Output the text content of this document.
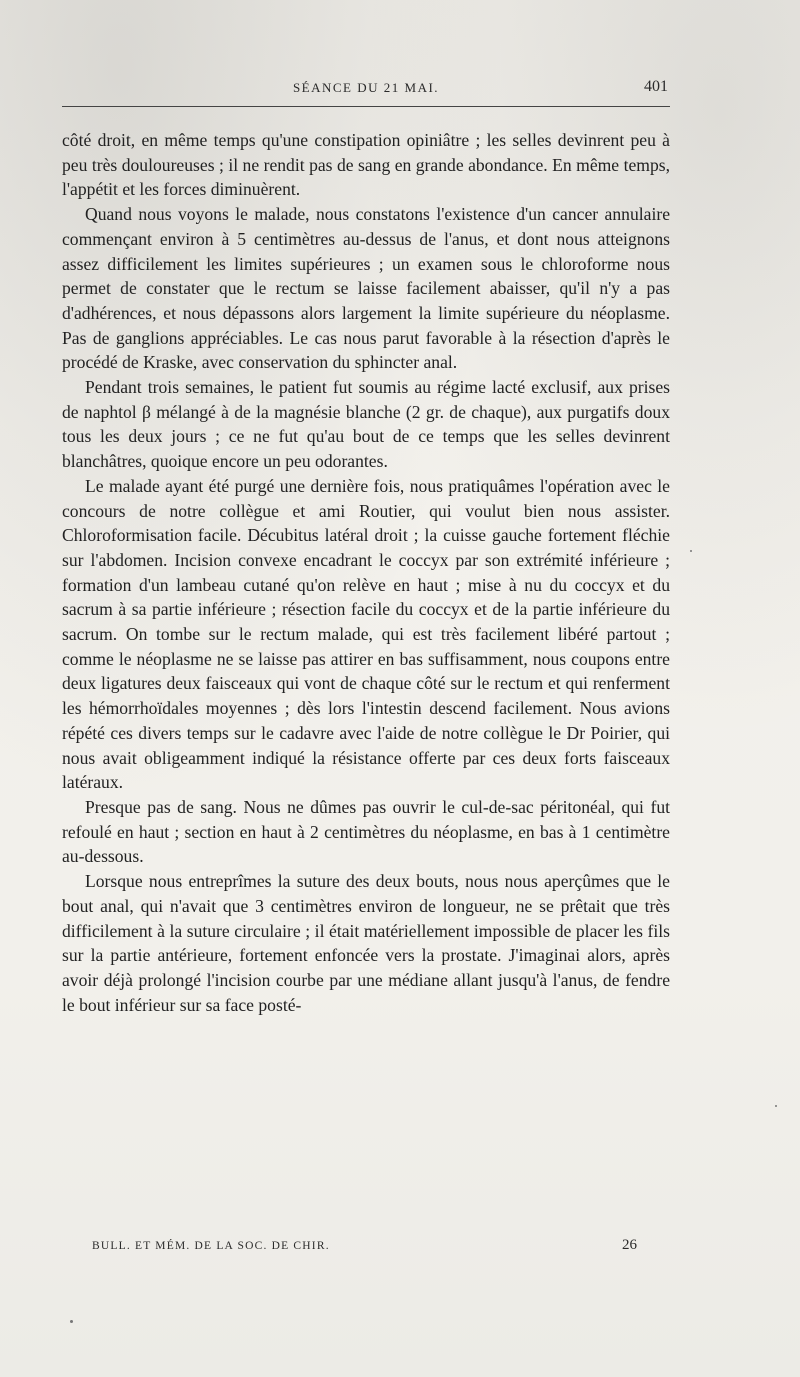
SÉANCE DU 21 MAI.	401

côté droit, en même temps qu'une constipation opiniâtre ; les selles devinrent peu à peu très douloureuses ; il ne rendit pas de sang en grande abondance. En même temps, l'appétit et les forces diminuèrent.

Quand nous voyons le malade, nous constatons l'existence d'un cancer annulaire commençant environ à 5 centimètres au-dessus de l'anus, et dont nous atteignons assez difficilement les limites supérieures ; un examen sous le chloroforme nous permet de constater que le rectum se laisse facilement abaisser, qu'il n'y a pas d'adhérences, et nous dépassons alors largement la limite supérieure du néoplasme. Pas de ganglions appréciables. Le cas nous parut favorable à la résection d'après le procédé de Kraske, avec conservation du sphincter anal.

Pendant trois semaines, le patient fut soumis au régime lacté exclusif, aux prises de naphtol β mélangé à de la magnésie blanche (2 gr. de chaque), aux purgatifs doux tous les deux jours ; ce ne fut qu'au bout de ce temps que les selles devinrent blanchâtres, quoique encore un peu odorantes.

Le malade ayant été purgé une dernière fois, nous pratiquâmes l'opération avec le concours de notre collègue et ami Routier, qui voulut bien nous assister. Chloroformisation facile. Décubitus latéral droit ; la cuisse gauche fortement fléchie sur l'abdomen. Incision convexe encadrant le coccyx par son extrémité inférieure ; formation d'un lambeau cutané qu'on relève en haut ; mise à nu du coccyx et du sacrum à sa partie inférieure ; résection facile du coccyx et de la partie inférieure du sacrum. On tombe sur le rectum malade, qui est très facilement libéré partout ; comme le néoplasme ne se laisse pas attirer en bas suffisamment, nous coupons entre deux ligatures deux faisceaux qui vont de chaque côté sur le rectum et qui renferment les hémorrhoïdales moyennes ; dès lors l'intestin descend facilement. Nous avions répété ces divers temps sur le cadavre avec l'aide de notre collègue le Dr Poirier, qui nous avait obligeamment indiqué la résistance offerte par ces deux forts faisceaux latéraux.

Presque pas de sang. Nous ne dûmes pas ouvrir le cul-de-sac péritonéal, qui fut refoulé en haut ; section en haut à 2 centimètres du néoplasme, en bas à 1 centimètre au-dessous.

Lorsque nous entreprîmes la suture des deux bouts, nous nous aperçûmes que le bout anal, qui n'avait que 3 centimètres environ de longueur, ne se prêtait que très difficilement à la suture circulaire ; il était matériellement impossible de placer les fils sur la partie antérieure, fortement enfoncée vers la prostate. J'imaginai alors, après avoir déjà prolongé l'incision courbe par une médiane allant jusqu'à l'anus, de fendre le bout inférieur sur sa face posté-

BULL. ET MÉM. DE LA SOC. DE CHIR.	26
